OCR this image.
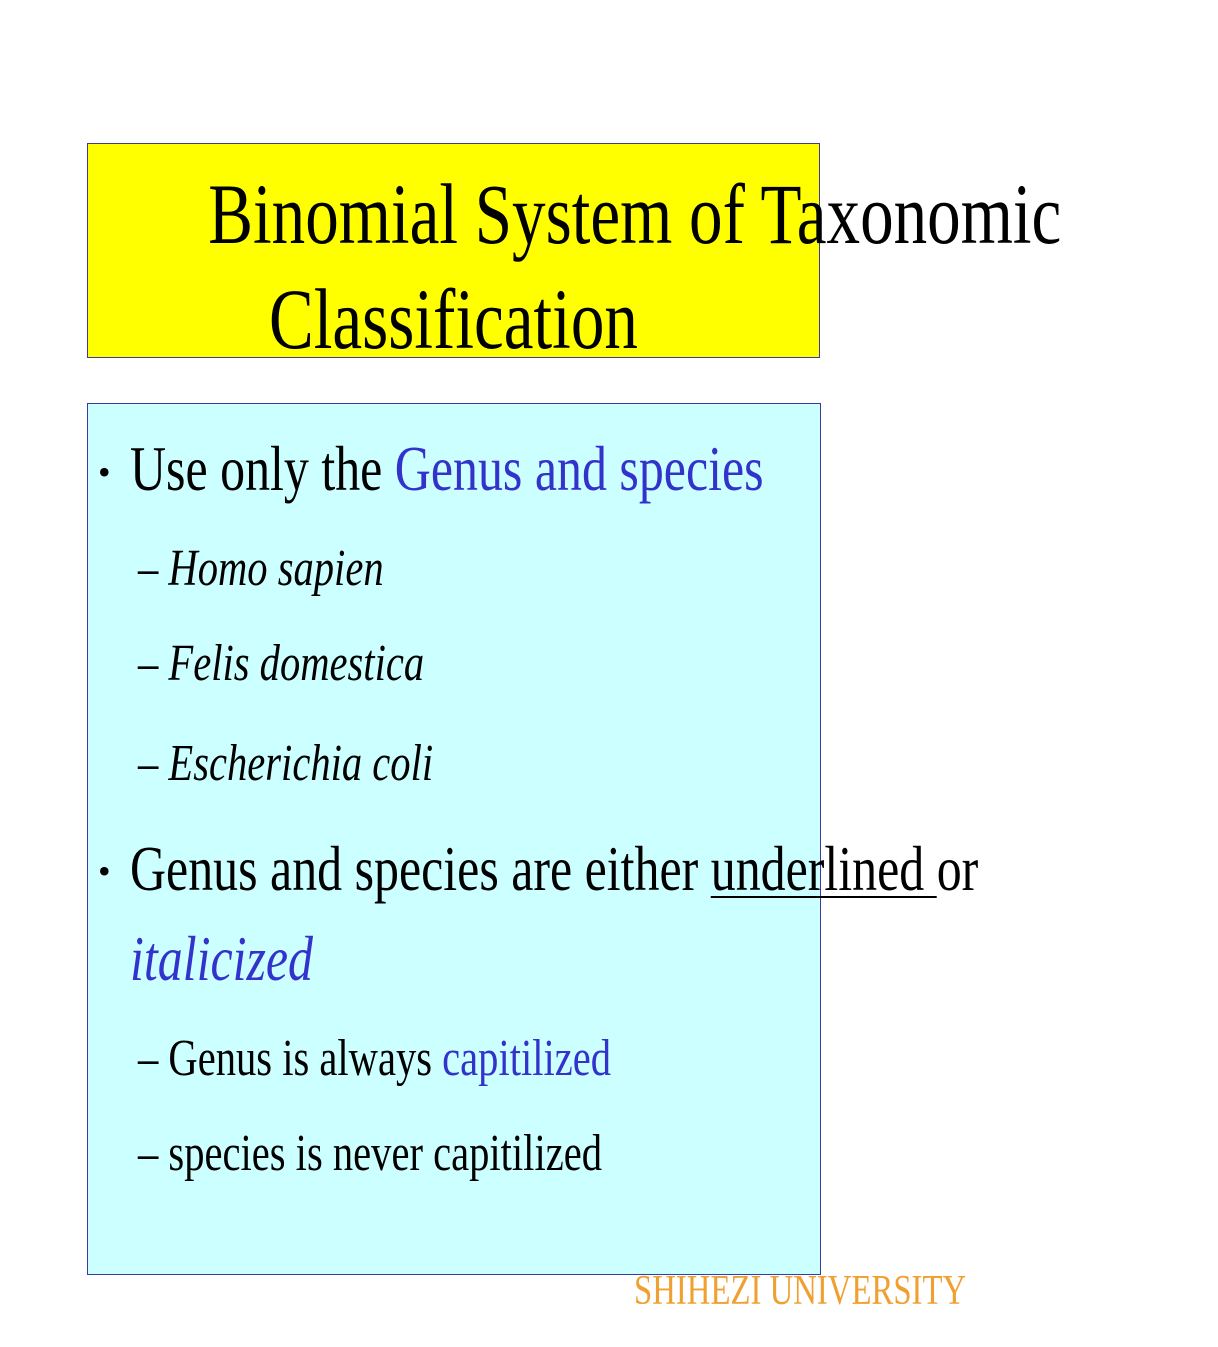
Binomial System of Taxonomic
Classification
• Use only the Genus and species
– Homo sapien
– Felis domestica
– Escherichia coli
• Genus and species are either underlined or
italicized
– Genus is always capitilized
– species is never capitilized
SHIHEZI UNIVERSITY
